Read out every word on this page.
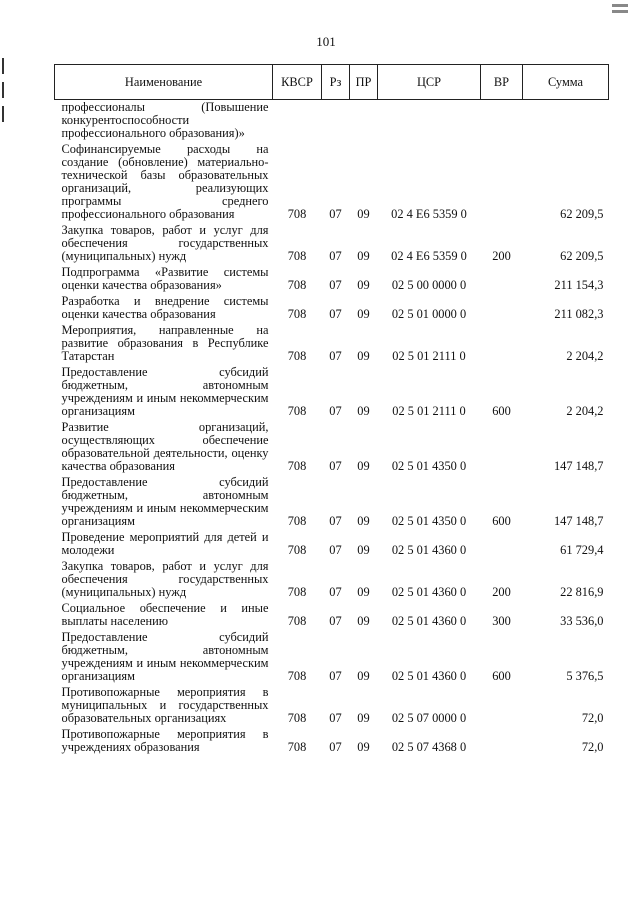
101
Наименование	КВСР	Рз	ПР	ЦСР	ВР	Сумма
профессионалы (Повышение конкурентоспособности профессионального образования)»						
Софинансируемые расходы на создание (обновление) материально-технической базы образовательных организаций, реализующих программы среднего профессионального образования	708	07	09	02 4 Е6 5359 0		62 209,5
Закупка товаров, работ и услуг для обеспечения государственных (муниципальных) нужд	708	07	09	02 4 Е6 5359 0	200	62 209,5
Подпрограмма «Развитие системы оценки качества образования»	708	07	09	02 5 00 0000 0		211 154,3
Разработка и внедрение системы оценки качества образования	708	07	09	02 5 01 0000 0		211 082,3
Мероприятия, направленные на развитие образования в Республике Татарстан	708	07	09	02 5 01 2111 0		2 204,2
Предоставление субсидий бюджетным, автономным учреждениям и иным некоммерческим организациям	708	07	09	02 5 01 2111 0	600	2 204,2
Развитие организаций, осуществляющих обеспечение образовательной деятельности, оценку качества образования	708	07	09	02 5 01 4350 0		147 148,7
Предоставление субсидий бюджетным, автономным учреждениям и иным некоммерческим организациям	708	07	09	02 5 01 4350 0	600	147 148,7
Проведение мероприятий для детей и молодежи	708	07	09	02 5 01 4360 0		61 729,4
Закупка товаров, работ и услуг для обеспечения государственных (муниципальных) нужд	708	07	09	02 5 01 4360 0	200	22 816,9
Социальное обеспечение и иные выплаты населению	708	07	09	02 5 01 4360 0	300	33 536,0
Предоставление субсидий бюджетным, автономным учреждениям и иным некоммерческим организациям	708	07	09	02 5 01 4360 0	600	5 376,5
Противопожарные мероприятия в муниципальных и государственных образовательных организациях	708	07	09	02 5 07 0000 0		72,0
Противопожарные мероприятия в учреждениях образования	708	07	09	02 5 07 4368 0		72,0
